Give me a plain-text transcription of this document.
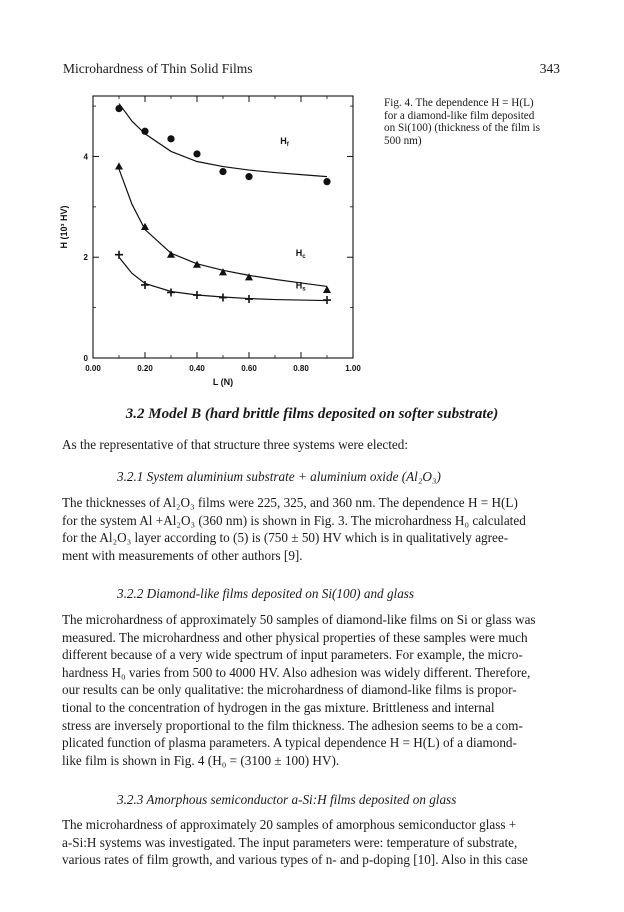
Microhardness of Thin Solid Films	343
0.00	0.20	0.40	0.60	0.80	1.00
0
2
4
L (N)
H (10³ HV)
$H_f$
$H_c$
$H_s$
Fig. 4. The dependence H = H(L)
for a diamond-like film deposited
on Si(100) (thickness of the film is
500 nm)
3.2 Model B (hard brittle films deposited on softer substrate)
As the representative of that structure three systems were elected:
3.2.1 System aluminium substrate + aluminium oxide (Al₂O₃)
The thicknesses of Al₂O₃ films were 225, 325, and 360 nm. The dependence H = H(L)
for the system Al +Al₂O₃ (360 nm) is shown in Fig. 3. The microhardness H₀ calculated
for the Al₂O₃ layer according to (5) is (750 ± 50) HV which is in qualitatively agree-
ment with measurements of other authors [9].
3.2.2 Diamond-like films deposited on Si(100) and glass
The microhardness of approximately 50 samples of diamond-like films on Si or glass was
measured. The microhardness and other physical properties of these samples were much
different because of a very wide spectrum of input parameters. For example, the micro-
hardness H₀ varies from 500 to 4000 HV. Also adhesion was widely different. Therefore,
our results can be only qualitative: the microhardness of diamond-like films is propor-
tional to the concentration of hydrogen in the gas mixture. Brittleness and internal
stress are inversely proportional to the film thickness. The adhesion seems to be a com-
plicated function of plasma parameters. A typical dependence H = H(L) of a diamond-
like film is shown in Fig. 4 (H₀ = (3100 ± 100) HV).
3.2.3 Amorphous semiconductor a-Si:H films deposited on glass
The microhardness of approximately 20 samples of amorphous semiconductor glass +
a-Si:H systems was investigated. The input parameters were: temperature of substrate,
various rates of film growth, and various types of n- and p-doping [10]. Also in this case
